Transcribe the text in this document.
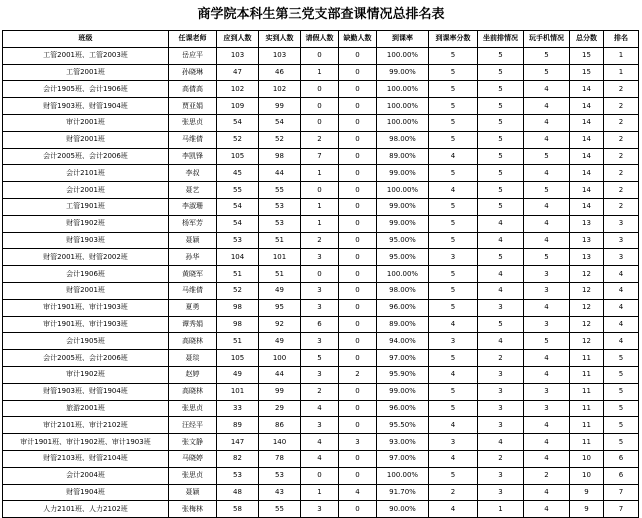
商学院本科生第三党支部查课情况总排名表
班级	任课老师	应到人数	实到人数	请假人数	缺勤人数	到课率	到课率分数	坐前排情况	玩手机情况	总分数	排名
工管2001班、工管2003班	岳应平	103	103	0	0	100.00%	5	5	5	15	1
工管2001班	孙晓琳	47	46	1	0	99.00%	5	5	5	15	1
会计1905班、会计1906班	高倩高	102	102	0	0	100.00%	5	5	4	14	2
财管1903班、财管1904班	贾亚娟	109	99	0	0	100.00%	5	5	4	14	2
审计2001班	张思贞	54	54	0	0	100.00%	5	5	4	14	2
财管2001班	马维倩	52	52	2	0	98.00%	5	5	4	14	2
会计2005班、会计2006班	李凯锋	105	98	7	0	89.00%	4	5	5	14	2
会计2101班	李叔	45	44	1	0	99.00%	5	5	4	14	2
会计2001班	聂艺	55	55	0	0	100.00%	4	5	5	14	2
工管1901班	李淑珊	54	53	1	0	99.00%	5	5	4	14	2
财管1902班	杨军芳	54	53	1	0	99.00%	5	4	4	13	3
财管1903班	聂颖	53	51	2	0	95.00%	5	4	4	13	3
财管2001班、财管2002班	孙华	104	101	3	0	95.00%	3	5	5	13	3
会计1906班	黄晓军	51	51	0	0	100.00%	5	4	3	12	4
财管2001班	马维倩	52	49	3	0	98.00%	5	4	3	12	4
审计1901班、审计1903班	夏勇	98	95	3	0	96.00%	5	3	4	12	4
审计1901班、审计1903班	谭秀娟	98	92	6	0	89.00%	4	5	3	12	4
会计1905班	高晓林	51	49	3	0	94.00%	3	4	5	12	4
会计2005班、会计2006班	聂琰	105	100	5	0	97.00%	5	2	4	11	5
审计1902班	赵婷	49	44	3	2	95.90%	4	3	4	11	5
财管1903班、财管1904班	高晓林	101	99	2	0	99.00%	5	3	3	11	5
旅游2001班	张思贞	33	29	4	0	96.00%	5	3	3	11	5
审计2101班、审计2102班	汪经平	89	86	3	0	95.50%	4	3	4	11	5
审计1901班、审计1902班、审计1903班	张文静	147	140	4	3	93.00%	3	4	4	11	5
财管2103班、财管2104班	马晓婷	82	78	4	0	97.00%	4	2	4	10	6
会计2004班	张思贞	53	53	0	0	100.00%	5	3	2	10	6
财管1904班	聂颖	48	43	1	4	91.70%	2	3	4	9	7
人力2101班、人力2102班	张梅林	58	55	3	0	90.00%	4	1	4	9	7
